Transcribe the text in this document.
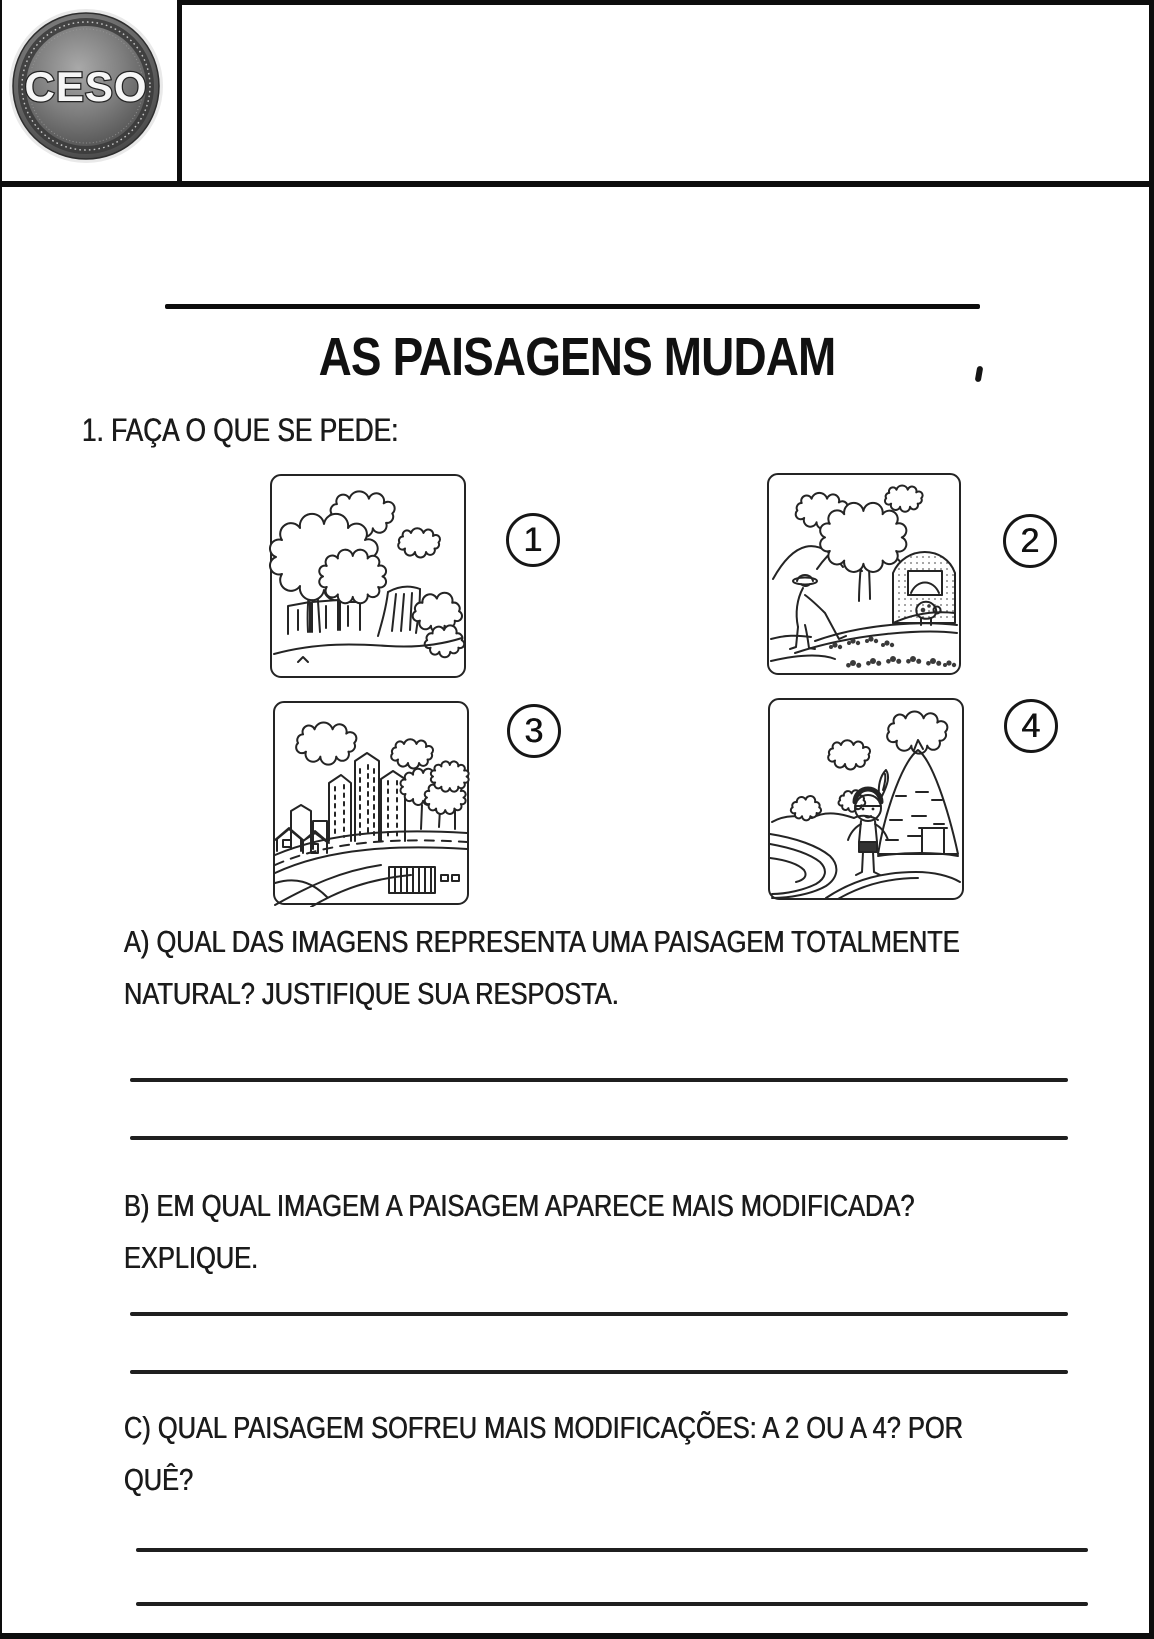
CESO
AS PAISAGENS MUDAM
1. FAÇA O QUE SE PEDE:
1	2
3	4
A) QUAL DAS IMAGENS REPRESENTA UMA PAISAGEM TOTALMENTE
NATURAL? JUSTIFIQUE SUA RESPOSTA.
B) EM QUAL IMAGEM A PAISAGEM APARECE MAIS MODIFICADA?
EXPLIQUE.
C) QUAL PAISAGEM SOFREU MAIS MODIFICAÇÕES: A 2 OU A 4? POR
QUÊ?
